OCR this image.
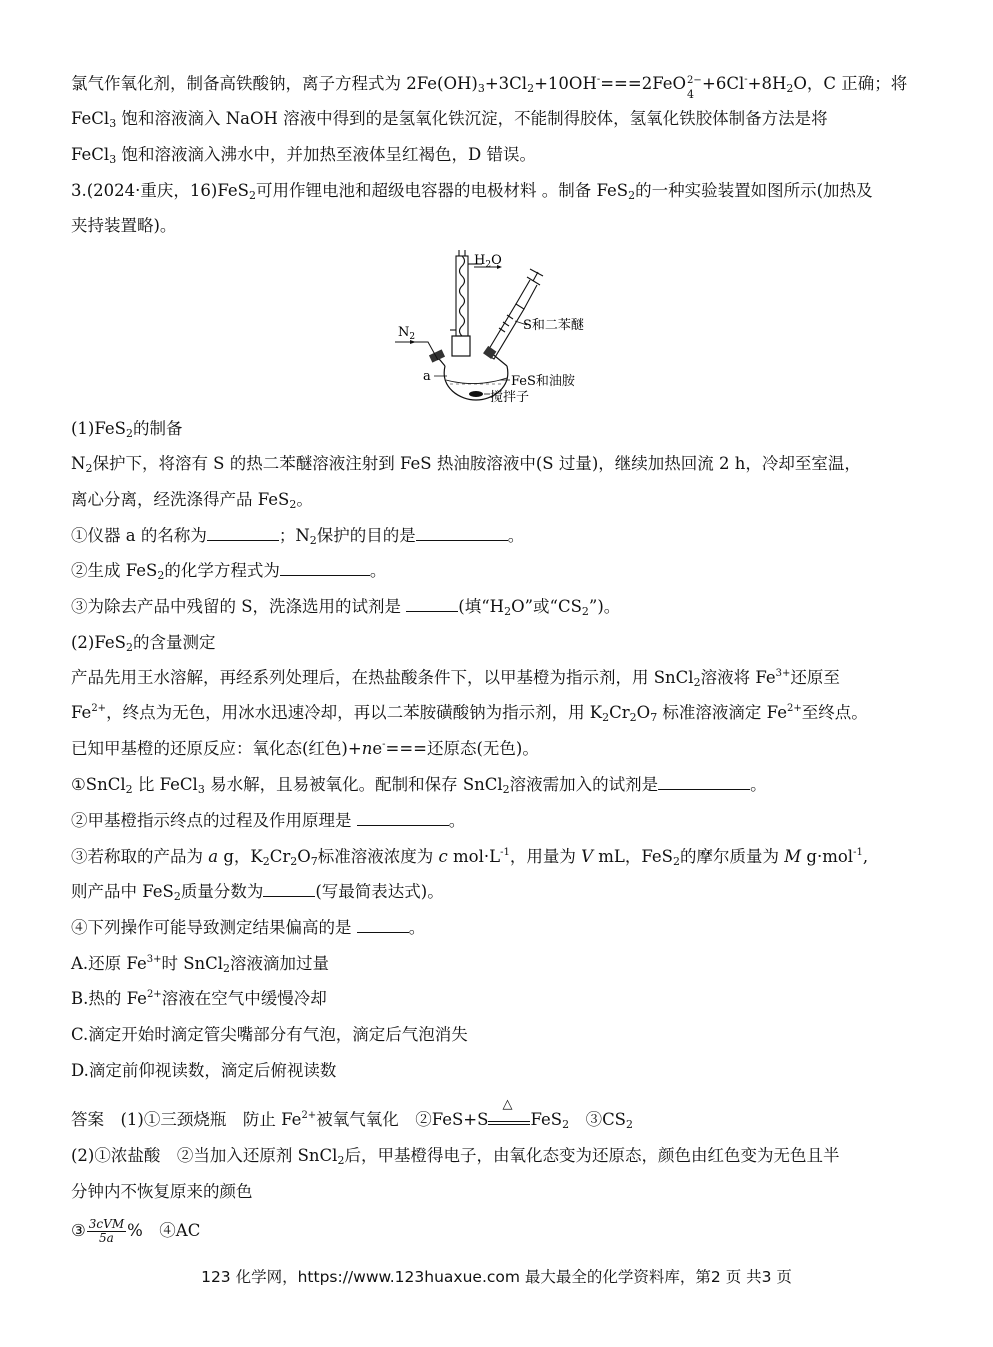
氯气作氧化剂，制备高铁酸钠，离子方程式为 $2Fe(OH)_3+3Cl_2+10OH^-===2FeO$ 2−
4
$+6Cl^-+8H_2O$，C 正确；将
FeCl$_3$ 饱和溶液滴入 NaOH 溶液中得到的是氢氧化铁沉淀，不能制得胶体，氢氧化铁胶体制备方法是将
FeCl$_3$ 饱和溶液滴入沸水中，并加热至液体呈红褐色，D 错误。
3.(2024·重庆，16)FeS$_2$可用作锂电池和超级电容器的电极材料 。制备 FeS$_2$的一种实验装置如图所示(加热及
夹持装置略)。
$H_2O$
S和二苯醚
$N_2$
a	FeS和油胺
搅拌子
(1)FeS$_2$的制备
$N_2$保护下，将溶有 S 的热二苯醚溶液注射到 FeS 热油胺溶液中(S 过量)，继续加热回流 2 h，冷却至室温，
离心分离，经洗涤得产品 FeS$_2$。
①仪器 a 的名称为	；$N_2$保护的目的是	。
②生成 FeS$_2$的化学方程式为	。
③为除去产品中残留的 S，洗涤选用的试剂是	(填“$H_2O$”或“$CS_2$”)。
(2)FeS$_2$的含量测定
产品先用王水溶解，再经系列处理后，在热盐酸条件下，以甲基橙为指示剂，用 SnCl$_2$溶液将 $Fe^{3+}$还原至
$Fe^{2+}$，终点为无色，用冰水迅速冷却，再以二苯胺磺酸钠为指示剂，用 $K_2Cr_2O_7$ 标准溶液滴定 $Fe^{2+}$至终点。
已知甲基橙的还原反应：氧化态(红色)+ne-===还原态(无色)。
①SnCl$_2$ 比 FeCl$_3$ 易水解，且易被氧化。配制和保存 SnCl$_2$溶液需加入的试剂是	。
②甲基橙指示终点的过程及作用原理是	。
③若称取的产品为 a g，$K_2Cr_2O_7$标准溶液浓度为 c $mol\cdot L^{-1}$，用量为 V mL，FeS$_2$的摩尔质量为 M g·mol$^{-1}$,
则产品中 FeS$_2$质量分数为	(写最简表达式)。
④下列操作可能导致测定结果偏高的是	。
A.还原 $Fe^{3+}$时 SnCl$_2$溶液滴加过量
B.热的 $Fe^{2+}$溶液在空气中缓慢冷却
C.滴定开始时滴定管尖嘴部分有气泡，滴定后气泡消失
D.滴定前仰视读数，滴定后俯视读数
答案　(1)①三颈烧瓶　防止 $Fe^{2+}$被氧气氧化　②FeS+S
△
FeS$_2$　$③CS_2$
(2)①浓盐酸　②当加入还原剂 SnCl$_2$后，甲基橙得电子，由氧化态变为还原态，颜色由红色变为无色且半
分钟内不恢复原来的颜色
③ $\frac{\text{3cVM}}{5a}$ %　④AC
123 化学网，https://www.123huaxue.com 最大最全的化学资料库，第2 页 共3 页
